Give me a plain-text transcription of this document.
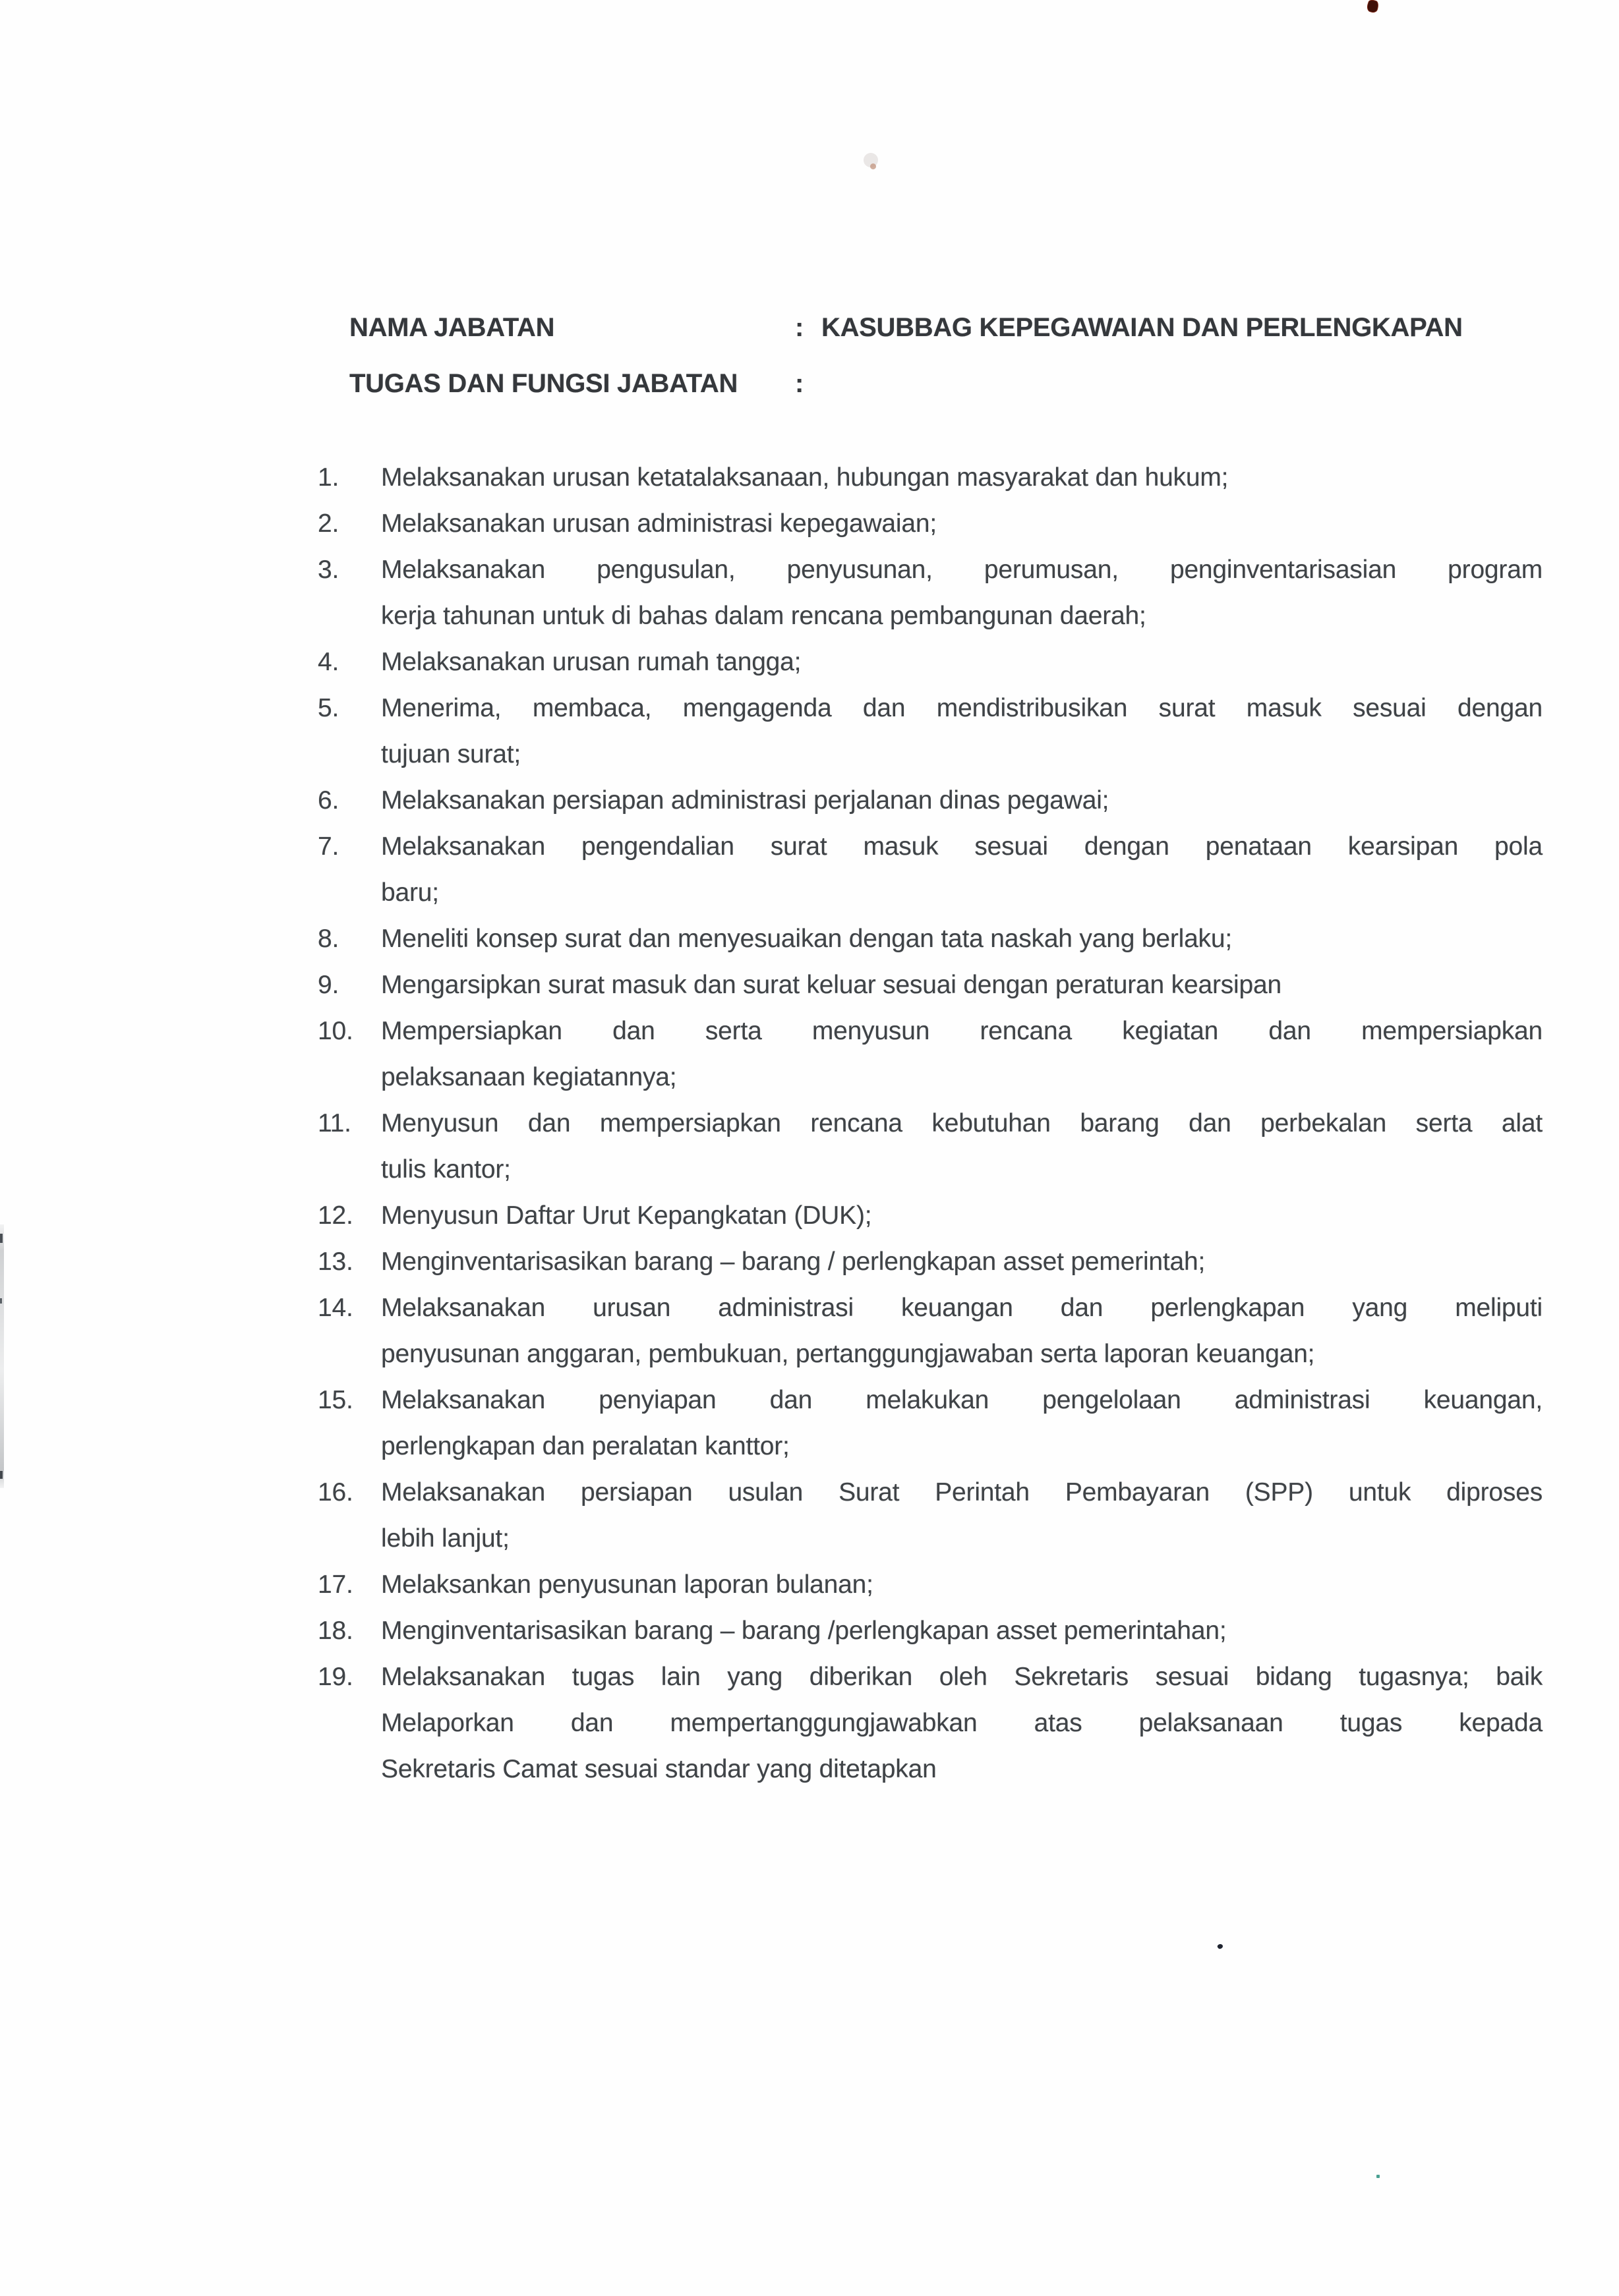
NAMA JABATAN	: KASUBBAG KEPEGAWAIAN DAN PERLENGKAPAN
TUGAS DAN FUNGSI JABATAN	:
1.	Melaksanakan urusan ketatalaksanaan, hubungan masyarakat dan hukum;
2.	Melaksanakan urusan administrasi kepegawaian;
3.	Melaksanakan pengusulan, penyusunan, perumusan, penginventarisasian program
kerja tahunan untuk di bahas dalam rencana pembangunan daerah;
4.	Melaksanakan urusan rumah tangga;
5.	Menerima, membaca, mengagenda dan mendistribusikan surat masuk sesuai dengan
tujuan surat;
6.	Melaksanakan persiapan administrasi perjalanan dinas pegawai;
7.	Melaksanakan pengendalian surat masuk sesuai dengan penataan kearsipan pola
baru;
8.	Meneliti konsep surat dan menyesuaikan dengan tata naskah yang berlaku;
9.	Mengarsipkan surat masuk dan surat keluar sesuai dengan peraturan kearsipan
10.	Mempersiapkan dan serta menyusun rencana kegiatan dan mempersiapkan
pelaksanaan kegiatannya;
11.	Menyusun dan mempersiapkan rencana kebutuhan barang dan perbekalan serta alat
tulis kantor;
12.	Menyusun Daftar Urut Kepangkatan (DUK);
13.	Menginventarisasikan barang – barang / perlengkapan asset pemerintah;
14.	Melaksanakan urusan administrasi keuangan dan perlengkapan yang meliputi
penyusunan anggaran, pembukuan, pertanggungjawaban serta laporan keuangan;
15.	Melaksanakan penyiapan dan melakukan pengelolaan administrasi keuangan,
perlengkapan dan peralatan kanttor;
16.	Melaksanakan persiapan usulan Surat Perintah Pembayaran (SPP) untuk diproses
lebih lanjut;
17.	Melaksankan penyusunan laporan bulanan;
18.	Menginventarisasikan barang – barang /perlengkapan asset pemerintahan;
19.	Melaksanakan tugas lain yang diberikan oleh Sekretaris sesuai bidang tugasnya; baik
Melaporkan dan mempertanggungjawabkan atas pelaksanaan tugas kepada
Sekretaris Camat sesuai standar yang ditetapkan
